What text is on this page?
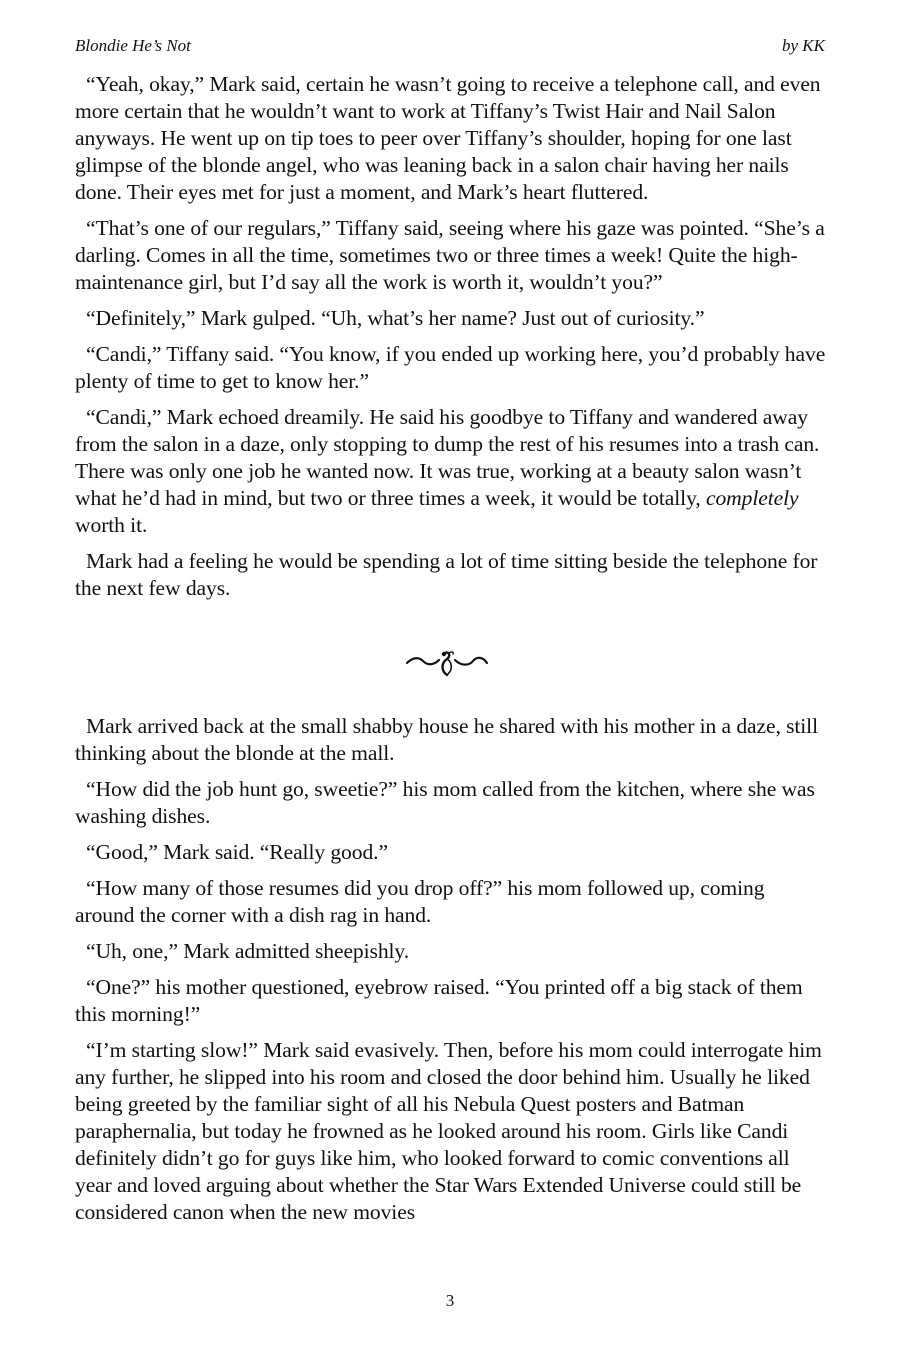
Blondie He’s Not	by KK

“Yeah, okay,” Mark said, certain he wasn’t going to receive a telephone call, and even more certain that he wouldn’t want to work at Tiffany’s Twist Hair and Nail Salon anyways. He went up on tip toes to peer over Tiffany’s shoulder, hoping for one last glimpse of the blonde angel, who was leaning back in a salon chair having her nails done. Their eyes met for just a moment, and Mark’s heart fluttered.

“That’s one of our regulars,” Tiffany said, seeing where his gaze was pointed. “She’s a darling. Comes in all the time, sometimes two or three times a week! Quite the high-maintenance girl, but I’d say all the work is worth it, wouldn’t you?”

“Definitely,” Mark gulped. “Uh, what’s her name? Just out of curiosity.”

“Candi,” Tiffany said. “You know, if you ended up working here, you’d probably have plenty of time to get to know her.”

“Candi,” Mark echoed dreamily. He said his goodbye to Tiffany and wandered away from the salon in a daze, only stopping to dump the rest of his resumes into a trash can. There was only one job he wanted now. It was true, working at a beauty salon wasn’t what he’d had in mind, but two or three times a week, it would be totally, completely worth it.

Mark had a feeling he would be spending a lot of time sitting beside the telephone for the next few days.

Mark arrived back at the small shabby house he shared with his mother in a daze, still thinking about the blonde at the mall.

“How did the job hunt go, sweetie?” his mom called from the kitchen, where she was washing dishes.

“Good,” Mark said. “Really good.”

“How many of those resumes did you drop off?” his mom followed up, coming around the corner with a dish rag in hand.

“Uh, one,” Mark admitted sheepishly.

“One?” his mother questioned, eyebrow raised. “You printed off a big stack of them this morning!”

“I’m starting slow!” Mark said evasively. Then, before his mom could interrogate him any further, he slipped into his room and closed the door behind him. Usually he liked being greeted by the familiar sight of all his Nebula Quest posters and Batman paraphernalia, but today he frowned as he looked around his room. Girls like Candi definitely didn’t go for guys like him, who looked forward to comic conventions all year and loved arguing about whether the Star Wars Extended Universe could still be considered canon when the new movies

3
